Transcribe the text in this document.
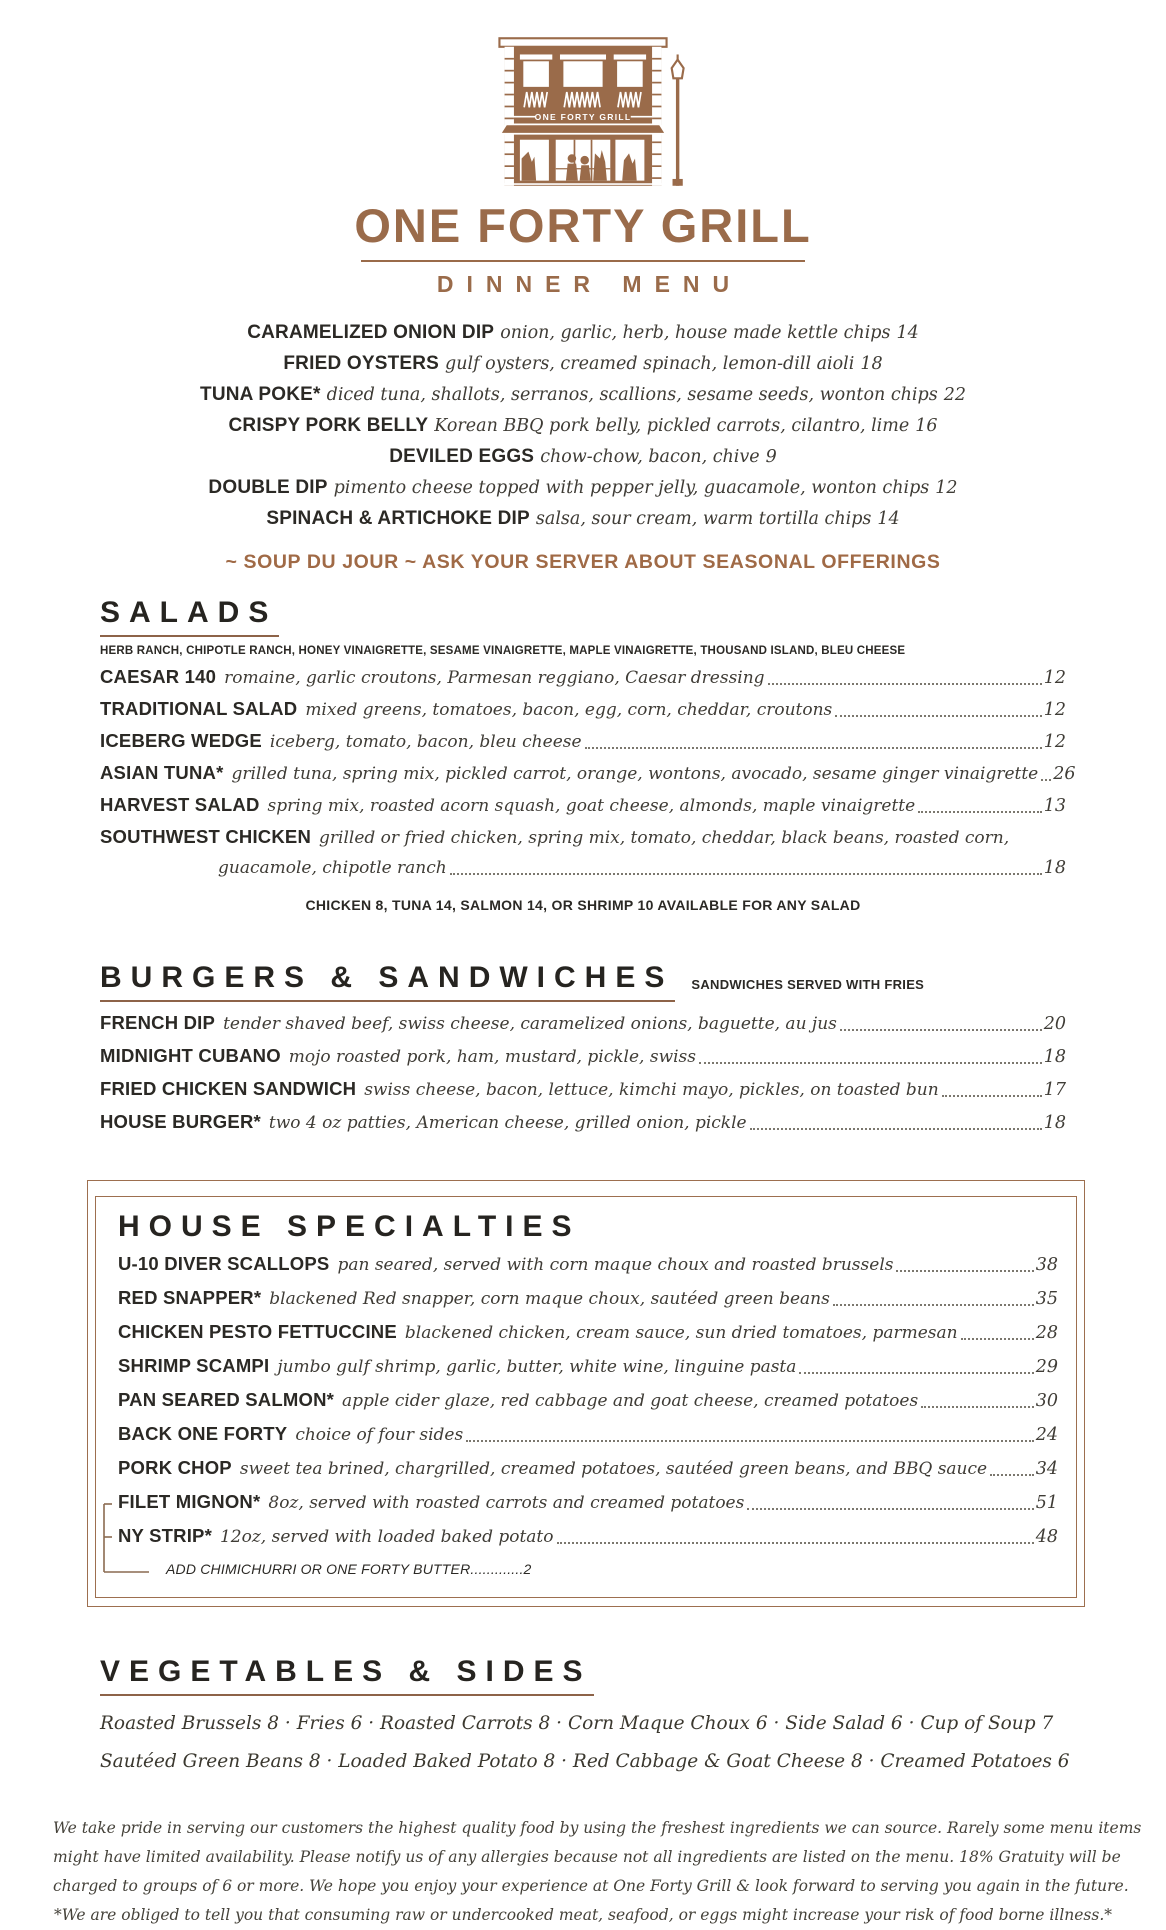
ONE FORTY GRILL
ONE FORTY GRILL
DINNER MENU
CARAMELIZED ONION DIP onion, garlic, herb, house made kettle chips 14
FRIED OYSTERS gulf oysters, creamed spinach, lemon-dill aioli 18
TUNA POKE* diced tuna, shallots, serranos, scallions, sesame seeds, wonton chips 22
CRISPY PORK BELLY Korean BBQ pork belly, pickled carrots, cilantro, lime 16
DEVILED EGGS chow-chow, bacon, chive 9
DOUBLE DIP pimento cheese topped with pepper jelly, guacamole, wonton chips 12
SPINACH & ARTICHOKE DIP salsa, sour cream, warm tortilla chips 14
~ SOUP DU JOUR ~ ASK YOUR SERVER ABOUT SEASONAL OFFERINGS
SALADS
HERB RANCH, CHIPOTLE RANCH, HONEY VINAIGRETTE, SESAME VINAIGRETTE, MAPLE VINAIGRETTE, THOUSAND ISLAND, BLEU CHEESE
CAESAR 140 romaine, garlic croutons, Parmesan reggiano, Caesar dressing	12
TRADITIONAL SALAD mixed greens, tomatoes, bacon, egg, corn, cheddar, croutons	12
ICEBERG WEDGE iceberg, tomato, bacon, bleu cheese	12
ASIAN TUNA* grilled tuna, spring mix, pickled carrot, orange, wontons, avocado, sesame ginger vinaigrette 26
HARVEST SALAD spring mix, roasted acorn squash, goat cheese, almonds, maple vinaigrette	13
SOUTHWEST CHICKEN grilled or fried chicken, spring mix, tomato, cheddar, black beans, roasted corn,
guacamole, chipotle ranch	18
CHICKEN 8, TUNA 14, SALMON 14, OR SHRIMP 10 AVAILABLE FOR ANY SALAD
BURGERS & SANDWICHES SANDWICHES SERVED WITH FRIES
FRENCH DIP tender shaved beef, swiss cheese, caramelized onions, baguette, au jus	20
MIDNIGHT CUBANO mojo roasted pork, ham, mustard, pickle, swiss	18
FRIED CHICKEN SANDWICH swiss cheese, bacon, lettuce, kimchi mayo, pickles, on toasted bun	17
HOUSE BURGER* two 4 oz patties, American cheese, grilled onion, pickle	18
HOUSE SPECIALTIES
U-10 DIVER SCALLOPS pan seared, served with corn maque choux and roasted brussels	38
RED SNAPPER* blackened Red snapper, corn maque choux, sautéed green beans	35
CHICKEN PESTO FETTUCCINE blackened chicken, cream sauce, sun dried tomatoes, parmesan	28
SHRIMP SCAMPI jumbo gulf shrimp, garlic, butter, white wine, linguine pasta	29
PAN SEARED SALMON* apple cider glaze, red cabbage and goat cheese, creamed potatoes	30
BACK ONE FORTY choice of four sides	24
PORK CHOP sweet tea brined, chargrilled, creamed potatoes, sautéed green beans, and BBQ sauce	34
FILET MIGNON* 8oz, served with roasted carrots and creamed potatoes	51
NY STRIP* 12oz, served with loaded baked potato	48
ADD CHIMICHURRI OR ONE FORTY BUTTER.............2
VEGETABLES & SIDES
Roasted Brussels 8 · Fries 6 · Roasted Carrots 8 · Corn Maque Choux 6 · Side Salad 6 · Cup of Soup 7
Sautéed Green Beans 8 · Loaded Baked Potato 8 · Red Cabbage & Goat Cheese 8 · Creamed Potatoes 6
We take pride in serving our customers the highest quality food by using the freshest ingredients we can source. Rarely some menu items
might have limited availability. Please notify us of any allergies because not all ingredients are listed on the menu. 18% Gratuity will be
charged to groups of 6 or more. We hope you enjoy your experience at One Forty Grill & look forward to serving you again in the future.
*We are obliged to tell you that consuming raw or undercooked meat, seafood, or eggs might increase your risk of food borne illness.*
